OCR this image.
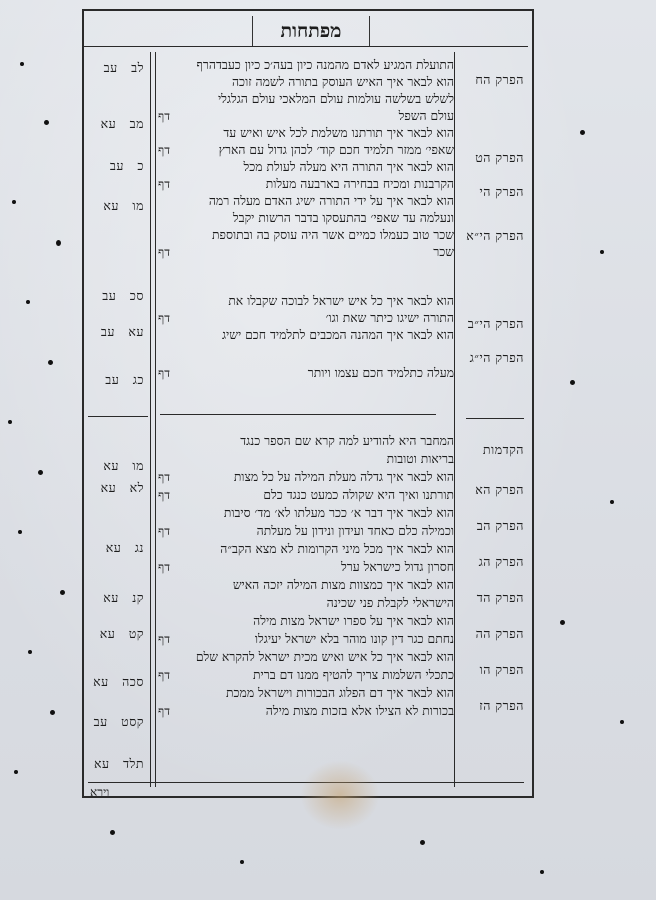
מפתחות
הפרק הח
הפרק הט
הפרק הי
הפרק הי״א
הפרק הי״ב
הפרק הי״ג
לב   עב
מב   עא
כ   עב
מו   עא
סכ   עב
עא   עב
כג   עב
התועלת המגיע לאדם מהמנה כיון בעה׳כ כיון כעבדהרף
הוא לבאר איך האיש העוסק בתורה לשמה זוכה
לשלש בשלשה עולמות עולם המלאכי עולם הגלגלי
עולם השפל
דף
הוא לבאר איך תורתנו משלמת לכל איש ואיש עד
שאפי׳ ממזר תלמיד חכם קוד׳ לכהן גדול עם הארץ
דף
הוא לבאר איך התורה היא מעלה לעולת מכל
הקרבנות ומכיח בבחירה בארבעה מעלות
דף
הוא לבאר איך על ידי התורה ישיג האדם מעלה רמה
ונעלמה עד שאפי׳ בהתעסקו בדבר הרשות יקבל
שכר טוב כעמלו כמיים אשר היה עוסק בה ובתוספת
שכר
דף
הוא לבאר איך כל איש ישראל לבוכה שקבלו את
התורה ישיגו כיתר שאת וגו׳
דף
הוא לבאר איך המהנה המכבים לתלמיד חכם ישיג
מעלה כתלמיד חכם עצמו ויותר
דף
הקדמות
הפרק הא
הפרק הב
הפרק הג
הפרק הד
הפרק הה
הפרק הו
הפרק הז
מו   עא
לא   עא
נג   עא
קנ   עא
קט   עא
סכה   עא
קסט   עב
תלד   עא
המחבר היא להודיע למה קרא שם הספר כנגד
בריאות וטובות
הוא לבאר איך גדלה מעלת המילה על כל מצות
דף
תורתנו ואיך היא שקולה כמעט כנגד כלם
דף
הוא לבאר איך דבר א׳ ככר מעלתו לא׳ מד׳ סיבות
וכמילה כלם כאחד ועידון ונידון על מעלתה
דף
הוא לבאר איך מכל מיני הקרומות לא מצא הקב״ה
חסרון גדול כישראל ערל
דף
הוא לבאר איך כמצוות מצות המילה יזכה האיש
הישראלי לקבלת פני שכינה
הוא לבאר איך על ספרו ישראל מצות מילה
נחתם כגר דין קונו מוהר בלא ישראל יעיגלו
דף
הוא לבאר איך כל איש ואיש מכית ישראל להקרא שלם
כתכלי השלמות צריך להטיף ממנו דם ברית
דף
הוא לבאר איך דם הפלוג הבכורות וישראל ממכת
בכורות לא הצילו אלא בזכות מצות מילה
דף
וירא
